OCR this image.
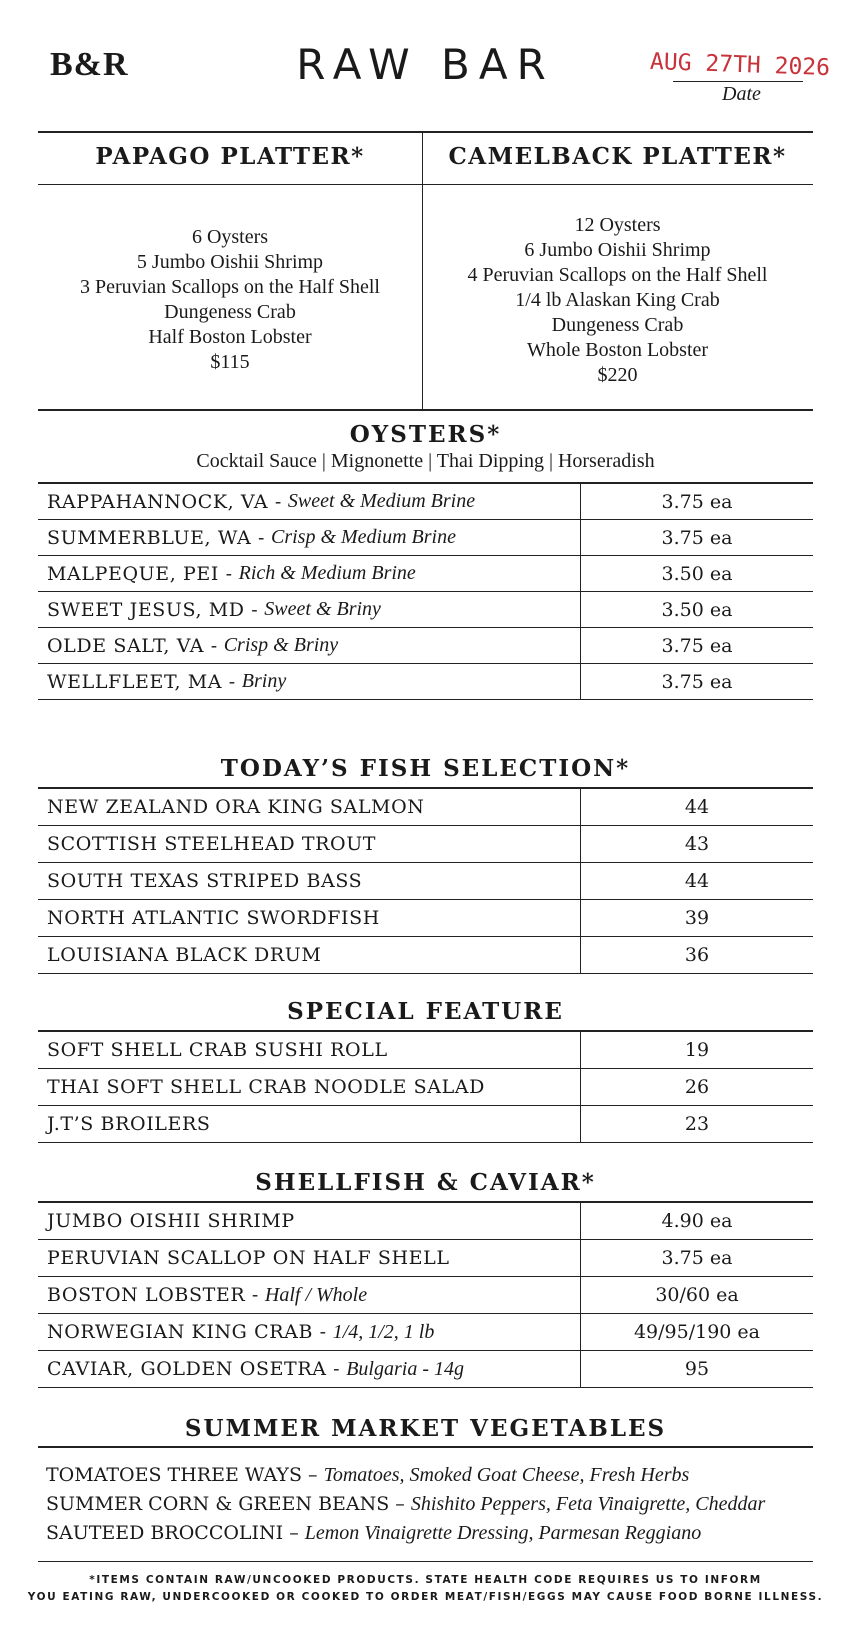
B&R	RAW BAR	AUG 27TH 2026
Date
PAPAGO PLATTER*	CAMELBACK PLATTER*
6 Oysters
5 Jumbo Oishii Shrimp
3 Peruvian Scallops on the Half Shell
Dungeness Crab
Half Boston Lobster
$115
12 Oysters
6 Jumbo Oishii Shrimp
4 Peruvian Scallops on the Half Shell
1/4 lb Alaskan King Crab
Dungeness Crab
Whole Boston Lobster
$220
OYSTERS*
Cocktail Sauce | Mignonette | Thai Dipping | Horseradish
RAPPAHANNOCK, VA - Sweet & Medium Brine	3.75 ea
SUMMERBLUE, WA - Crisp & Medium Brine	3.75 ea
MALPEQUE, PEI - Rich & Medium Brine	3.50 ea
SWEET JESUS, MD - Sweet & Briny	3.50 ea
OLDE SALT, VA - Crisp & Briny	3.75 ea
WELLFLEET, MA - Briny	3.75 ea
TODAY’S FISH SELECTION*
NEW ZEALAND ORA KING SALMON	44
SCOTTISH STEELHEAD TROUT	43
SOUTH TEXAS STRIPED BASS	44
NORTH ATLANTIC SWORDFISH	39
LOUISIANA BLACK DRUM	36
SPECIAL FEATURE
SOFT SHELL CRAB SUSHI ROLL	19
THAI SOFT SHELL CRAB NOODLE SALAD	26
J.T’S BROILERS	23
SHELLFISH & CAVIAR*
JUMBO OISHII SHRIMP	4.90 ea
PERUVIAN SCALLOP ON HALF SHELL	3.75 ea
BOSTON LOBSTER - Half / Whole	30/60 ea
NORWEGIAN KING CRAB - 1/4, 1/2, 1 lb	49/95/190 ea
CAVIAR, GOLDEN OSETRA - Bulgaria - 14g	95
SUMMER MARKET VEGETABLES
TOMATOES THREE WAYS – Tomatoes, Smoked Goat Cheese, Fresh Herbs
SUMMER CORN & GREEN BEANS – Shishito Peppers, Feta Vinaigrette, Cheddar
SAUTEED BROCCOLINI – Lemon Vinaigrette Dressing, Parmesan Reggiano
*ITEMS CONTAIN RAW/UNCOOKED PRODUCTS. STATE HEALTH CODE REQUIRES US TO INFORM
YOU EATING RAW, UNDERCOOKED OR COOKED TO ORDER MEAT/FISH/EGGS MAY CAUSE FOOD BORNE ILLNESS.
